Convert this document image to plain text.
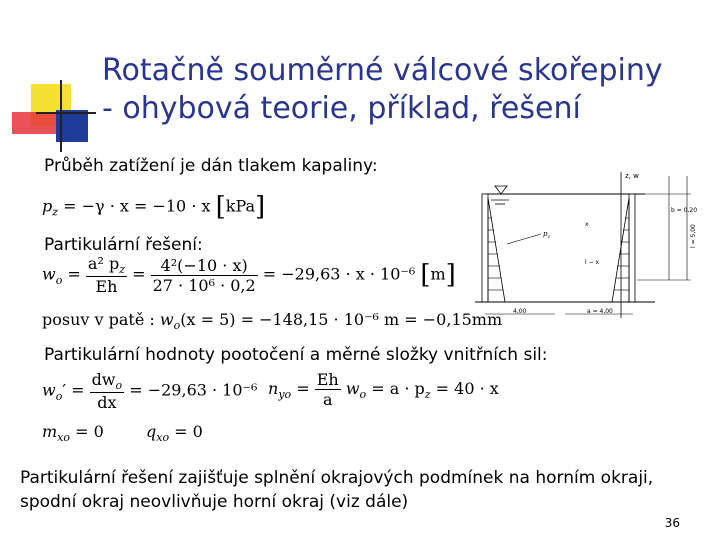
Rotačně souměrné válcové skořepiny
- ohybová teorie, příklad, řešení
Průběh zatížení je dán tlakem kapaliny:
$p_z = -\gamma \cdot x = -10 \cdot x$ [kPa]
Partikulární řešení:
$w_o = \frac{a^2 p_z}{Eh} = \frac{\text{4²(−10 · x)}}{\text{27 · 10⁶ · 0,2}} = -29,63 \cdot x \cdot 10^{-6}$ [m]
posuv v patě : $w_o(x = 5) = -148,15 \cdot 10^{-6}$ m = −0,15mm
Partikulární hodnoty pootočení a měrné složky vnitřních sil:
$w_o' = \frac{dw_o}{dx} = -29,63 \cdot 10^{-6}$ $n_{yo} = \frac{Eh}{a} w_o = a \cdot p_z = 40 \cdot x$
$m_{xo} = 0$	$q_{xo} = 0$
Partikulární řešení zajišťuje splnění okrajových podmínek na horním okraji,
spodní okraj neovlivňuje horní okraj (viz dále)
36
z, w
$p_z$
x
l − x
4,00	a = 4,00
b = 0,20
l = 5,00
